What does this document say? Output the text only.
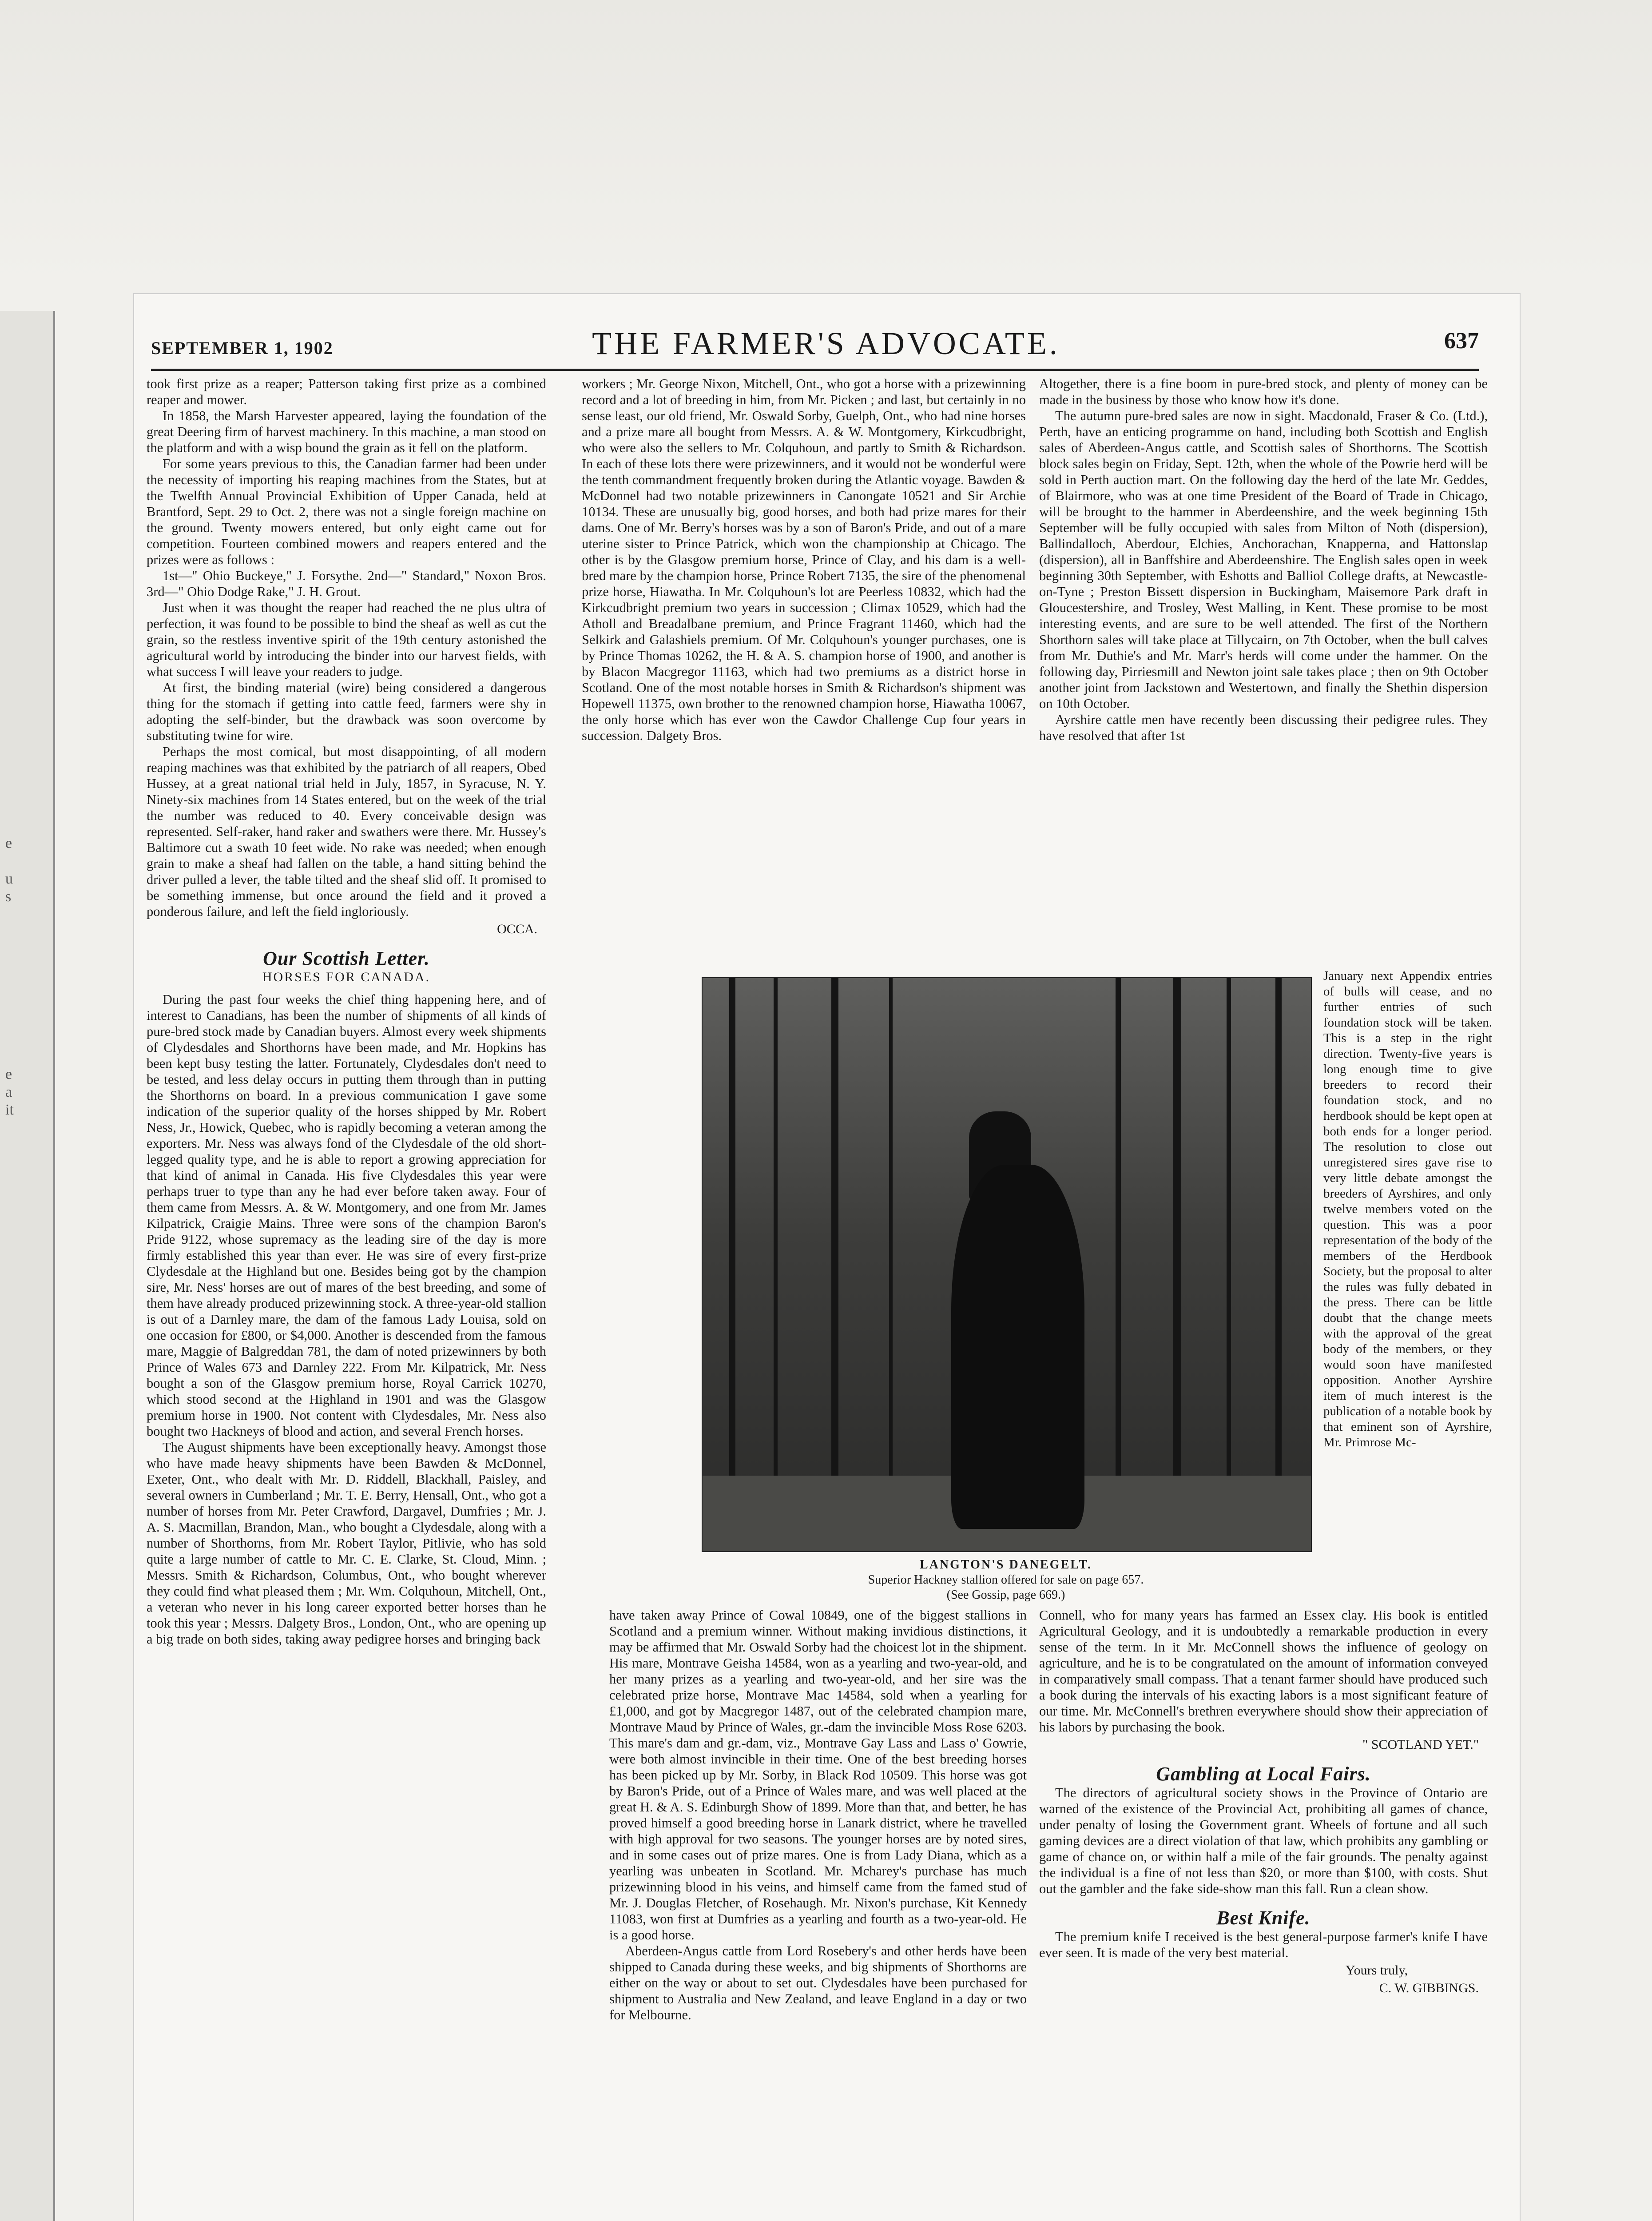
e
u
s
e
a
it
THE FARMER'S ADVOCATE.
SEPTEMBER 1, 1902	637

took first prize as a reaper; Patterson taking first prize as a combined reaper and mower.

In 1858, the Marsh Harvester appeared, laying the foundation of the great Deering firm of harvest machinery. In this machine, a man stood on the platform and with a wisp bound the grain as it fell on the platform.

For some years previous to this, the Canadian farmer had been under the necessity of importing his reaping machines from the States, but at the Twelfth Annual Provincial Exhibition of Upper Canada, held at Brantford, Sept. 29 to Oct. 2, there was not a single foreign machine on the ground. Twenty mowers entered, but only eight came out for competition. Fourteen combined mowers and reapers entered and the prizes were as follows :

1st—" Ohio Buckeye," J. Forsythe. 2nd—" Standard," Noxon Bros. 3rd—" Ohio Dodge Rake," J. H. Grout.

Just when it was thought the reaper had reached the ne plus ultra of perfection, it was found to be possible to bind the sheaf as well as cut the grain, so the restless inventive spirit of the 19th century astonished the agricultural world by introducing the binder into our harvest fields, with what success I will leave your readers to judge.

At first, the binding material (wire) being considered a dangerous thing for the stomach if getting into cattle feed, farmers were shy in adopting the self-binder, but the drawback was soon overcome by substituting twine for wire.

Perhaps the most comical, but most disappointing, of all modern reaping machines was that exhibited by the patriarch of all reapers, Obed Hussey, at a great national trial held in July, 1857, in Syracuse, N. Y. Ninety-six machines from 14 States entered, but on the week of the trial the number was reduced to 40. Every conceivable design was represented. Self-raker, hand raker and swathers were there. Mr. Hussey's Baltimore cut a swath 10 feet wide. No rake was needed; when enough grain to make a sheaf had fallen on the table, a hand sitting behind the driver pulled a lever, the table tilted and the sheaf slid off. It promised to be something immense, but once around the field and it proved a ponderous failure, and left the field ingloriously.

OCCA.
Our Scottish Letter.
HORSES FOR CANADA.

During the past four weeks the chief thing happening here, and of interest to Canadians, has been the number of shipments of all kinds of pure-bred stock made by Canadian buyers. Almost every week shipments of Clydesdales and Shorthorns have been made, and Mr. Hopkins has been kept busy testing the latter. Fortunately, Clydesdales don't need to be tested, and less delay occurs in putting them through than in putting the Shorthorns on board. In a previous communication I gave some indication of the superior quality of the horses shipped by Mr. Robert Ness, Jr., Howick, Quebec, who is rapidly becoming a veteran among the exporters. Mr. Ness was always fond of the Clydesdale of the old short-legged quality type, and he is able to report a growing appreciation for that kind of animal in Canada. His five Clydesdales this year were perhaps truer to type than any he had ever before taken away. Four of them came from Messrs. A. & W. Montgomery, and one from Mr. James Kilpatrick, Craigie Mains. Three were sons of the champion Baron's Pride 9122, whose supremacy as the leading sire of the day is more firmly established this year than ever. He was sire of every first-prize Clydesdale at the Highland but one. Besides being got by the champion sire, Mr. Ness' horses are out of mares of the best breeding, and some of them have already produced prizewinning stock. A three-year-old stallion is out of a Darnley mare, the dam of the famous Lady Louisa, sold on one occasion for £800, or $4,000. Another is descended from the famous mare, Maggie of Balgreddan 781, the dam of noted prizewinners by both Prince of Wales 673 and Darnley 222. From Mr. Kilpatrick, Mr. Ness bought a son of the Glasgow premium horse, Royal Carrick 10270, which stood second at the Highland in 1901 and was the Glasgow premium horse in 1900. Not content with Clydesdales, Mr. Ness also bought two Hackneys of blood and action, and several French horses.

The August shipments have been exceptionally heavy. Amongst those who have made heavy shipments have been Bawden & McDonnel, Exeter, Ont., who dealt with Mr. D. Riddell, Blackhall, Paisley, and several owners in Cumberland ; Mr. T. E. Berry, Hensall, Ont., who got a number of horses from Mr. Peter Crawford, Dargavel, Dumfries ; Mr. J. A. S. Macmillan, Brandon, Man., who bought a Clydesdale, along with a number of Shorthorns, from Mr. Robert Taylor, Pitlivie, who has sold quite a large number of cattle to Mr. C. E. Clarke, St. Cloud, Minn. ; Messrs. Smith & Richardson, Columbus, Ont., who bought wherever they could find what pleased them ; Mr. Wm. Colquhoun, Mitchell, Ont., a veteran who never in his long career exported better horses than he took this year ; Messrs. Dalgety Bros., London, Ont., who are opening up a big trade on both sides, taking away pedigree horses and bringing back

workers ; Mr. George Nixon, Mitchell, Ont., who got a horse with a prizewinning record and a lot of breeding in him, from Mr. Picken ; and last, but certainly in no sense least, our old friend, Mr. Oswald Sorby, Guelph, Ont., who had nine horses and a prize mare all bought from Messrs. A. & W. Montgomery, Kirkcudbright, who were also the sellers to Mr. Colquhoun, and partly to Smith & Richardson. In each of these lots there were prizewinners, and it would not be wonderful were the tenth commandment frequently broken during the Atlantic voyage. Bawden & McDonnel had two notable prizewinners in Canongate 10521 and Sir Archie 10134. These are unusually big, good horses, and both had prize mares for their dams. One of Mr. Berry's horses was by a son of Baron's Pride, and out of a mare uterine sister to Prince Patrick, which won the championship at Chicago. The other is by the Glasgow premium horse, Prince of Clay, and his dam is a well-bred mare by the champion horse, Prince Robert 7135, the sire of the phenomenal prize horse, Hiawatha. In Mr. Colquhoun's lot are Peerless 10832, which had the Kirkcudbright premium two years in succession ; Climax 10529, which had the Atholl and Breadalbane premium, and Prince Fragrant 11460, which had the Selkirk and Galashiels premium. Of Mr. Colquhoun's younger purchases, one is by Prince Thomas 10262, the H. & A. S. champion horse of 1900, and another is by Blacon Macgregor 11163, which had two premiums as a district horse in Scotland. One of the most notable horses in Smith & Richardson's shipment was Hopewell 11375, own brother to the renowned champion horse, Hiawatha 10067, the only horse which has ever won the Cawdor Challenge Cup four years in succession. Dalgety Bros.

Altogether, there is a fine boom in pure-bred stock, and plenty of money can be made in the business by those who know how it's done.

The autumn pure-bred sales are now in sight. Macdonald, Fraser & Co. (Ltd.), Perth, have an enticing programme on hand, including both Scottish and English sales of Aberdeen-Angus cattle, and Scottish sales of Shorthorns. The Scottish block sales begin on Friday, Sept. 12th, when the whole of the Powrie herd will be sold in Perth auction mart. On the following day the herd of the late Mr. Geddes, of Blairmore, who was at one time President of the Board of Trade in Chicago, will be brought to the hammer in Aberdeenshire, and the week beginning 15th September will be fully occupied with sales from Milton of Noth (dispersion), Ballindalloch, Aberdour, Elchies, Anchorachan, Knapperna, and Hattonslap (dispersion), all in Banffshire and Aberdeenshire. The English sales open in week beginning 30th September, with Eshotts and Balliol College drafts, at Newcastle-on-Tyne ; Preston Bissett dispersion in Buckingham, Maisemore Park draft in Gloucestershire, and Trosley, West Malling, in Kent. These promise to be most interesting events, and are sure to be well attended. The first of the Northern Shorthorn sales will take place at Tillycairn, on 7th October, when the bull calves from Mr. Duthie's and Mr. Marr's herds will come under the hammer. On the following day, Pirriesmill and Newton joint sale takes place ; then on 9th October another joint from Jackstown and Westertown, and finally the Shethin dispersion on 10th October.

Ayrshire cattle men have recently been discussing their pedigree rules. They have resolved that after 1st

January next Appendix entries of bulls will cease, and no further entries of such foundation stock will be taken. This is a step in the right direction. Twenty-five years is long enough time to give breeders to record their foundation stock, and no herdbook should be kept open at both ends for a longer period. The resolution to close out unregistered sires gave rise to very little debate amongst the breeders of Ayrshires, and only twelve members voted on the question. This was a poor representation of the body of the members of the Herdbook Society, but the proposal to alter the rules was fully debated in the press. There can be little doubt that the change meets with the approval of the great body of the members, or they would soon have manifested opposition. Another Ayrshire item of much interest is the publication of a notable book by that eminent son of Ayrshire, Mr. Primrose Mc-

LANGTON'S DANEGELT.
Superior Hackney stallion offered for sale on page 657.
(See Gossip, page 669.)

have taken away Prince of Cowal 10849, one of the biggest stallions in Scotland and a premium winner. Without making invidious distinctions, it may be affirmed that Mr. Oswald Sorby had the choicest lot in the shipment. His mare, Montrave Geisha 14584, won as a yearling and two-year-old, and her many prizes as a yearling and two-year-old, and her sire was the celebrated prize horse, Montrave Mac 14584, sold when a yearling for £1,000, and got by Macgregor 1487, out of the celebrated champion mare, Montrave Maud by Prince of Wales, gr.-dam the invincible Moss Rose 6203. This mare's dam and gr.-dam, viz., Montrave Gay Lass and Lass o' Gowrie, were both almost invincible in their time. One of the best breeding horses has been picked up by Mr. Sorby, in Black Rod 10509. This horse was got by Baron's Pride, out of a Prince of Wales mare, and was well placed at the great H. & A. S. Edinburgh Show of 1899. More than that, and better, he has proved himself a good breeding horse in Lanark district, where he travelled with high approval for two seasons. The younger horses are by noted sires, and in some cases out of prize mares. One is from Lady Diana, which as a yearling was unbeaten in Scotland. Mr. Mcharey's purchase has much prizewinning blood in his veins, and himself came from the famed stud of Mr. J. Douglas Fletcher, of Rosehaugh. Mr. Nixon's purchase, Kit Kennedy 11083, won first at Dumfries as a yearling and fourth as a two-year-old. He is a good horse.

Aberdeen-Angus cattle from Lord Rosebery's and other herds have been shipped to Canada during these weeks, and big shipments of Shorthorns are either on the way or about to set out. Clydesdales have been purchased for shipment to Australia and New Zealand, and leave England in a day or two for Melbourne.

Connell, who for many years has farmed an Essex clay. His book is entitled Agricultural Geology, and it is undoubtedly a remarkable production in every sense of the term. In it Mr. McConnell shows the influence of geology on agriculture, and he is to be congratulated on the amount of information conveyed in comparatively small compass. That a tenant farmer should have produced such a book during the intervals of his exacting labors is a most significant feature of our time. Mr. McConnell's brethren everywhere should show their appreciation of his labors by purchasing the book.

" SCOTLAND YET."
Gambling at Local Fairs.

The directors of agricultural society shows in the Province of Ontario are warned of the existence of the Provincial Act, prohibiting all games of chance, under penalty of losing the Government grant. Wheels of fortune and all such gaming devices are a direct violation of that law, which prohibits any gambling or game of chance on, or within half a mile of the fair grounds. The penalty against the individual is a fine of not less than $20, or more than $100, with costs. Shut out the gambler and the fake side-show man this fall. Run a clean show.

Best Knife.

The premium knife I received is the best general-purpose farmer's knife I have ever seen. It is made of the very best material.

Yours truly,
C. W. GIBBINGS.
